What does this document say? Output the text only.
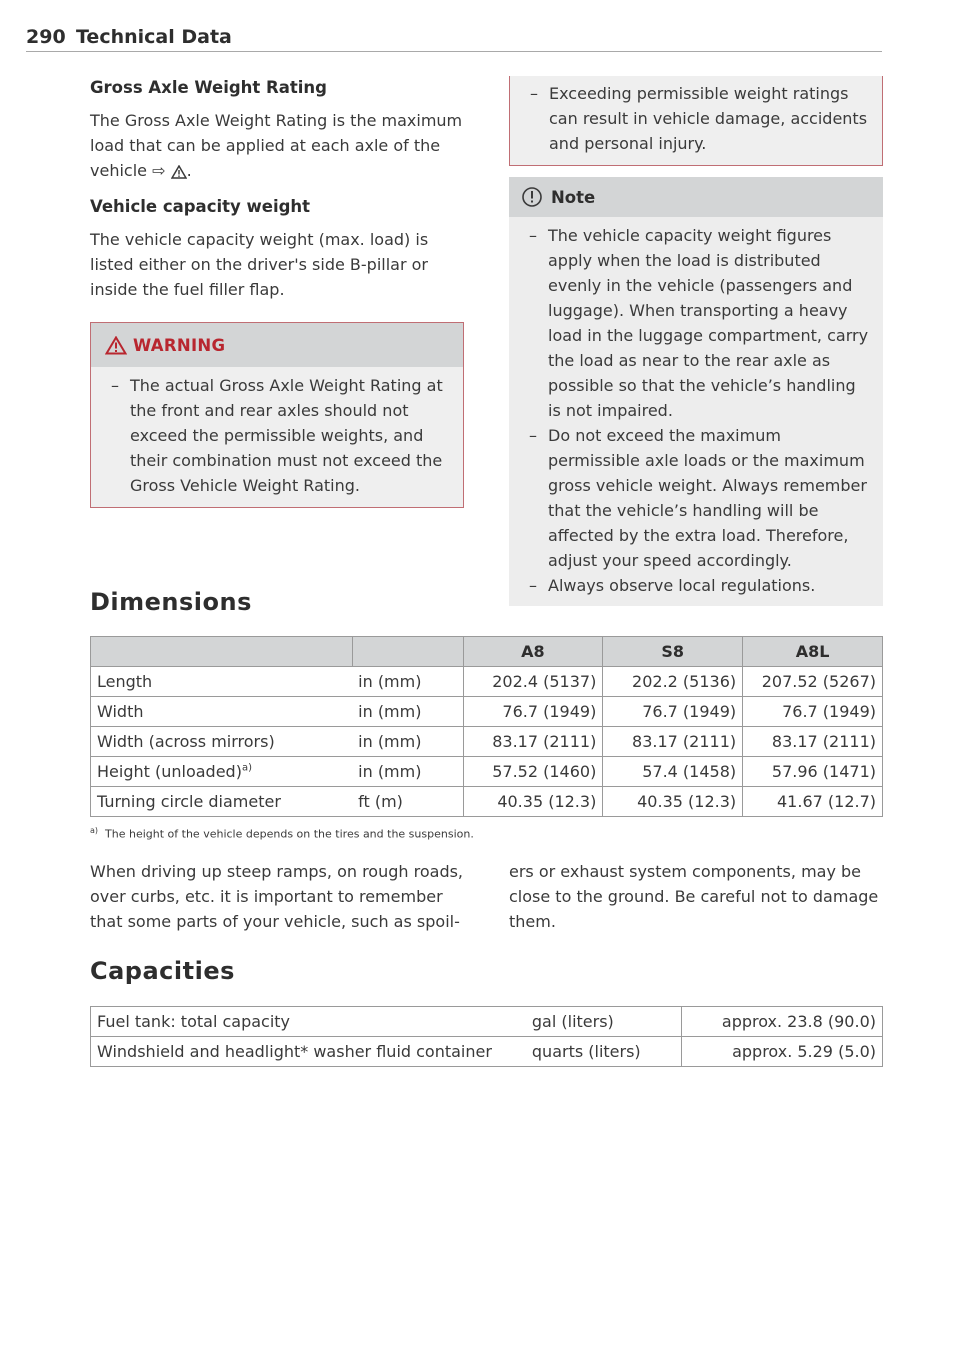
290 Technical Data
Gross Axle Weight Rating
The Gross Axle Weight Rating is the maximum load that can be applied at each axle of the vehicle ⇨ .
Vehicle capacity weight
The vehicle capacity weight (max. load) is listed either on the driver's side B-pillar or inside the fuel filler flap.
WARNING
– The actual Gross Axle Weight Rating at the front and rear axles should not exceed the permissible weights, and their combination must not exceed the Gross Vehicle Weight Rating.
– Exceeding permissible weight ratings can result in vehicle damage, accidents and personal injury.
Note
– The vehicle capacity weight figures apply when the load is distributed evenly in the vehicle (passengers and luggage). When transporting a heavy load in the luggage compartment, carry the load as near to the rear axle as possible so that the vehicle’s handling is not impaired.
– Do not exceed the maximum permissible axle loads or the maximum gross vehicle weight. Always remember that the vehicle’s handling will be affected by the extra load. Therefore, adjust your speed accordingly.
– Always observe local regulations.
Dimensions
		A8	S8	A8L
Length	in (mm)	202.4 (5137)	202.2 (5136)	207.52 (5267)
Width	in (mm)	76.7 (1949)	76.7 (1949)	76.7 (1949)
Width (across mirrors)	in (mm)	83.17 (2111)	83.17 (2111)	83.17 (2111)
Height (unloaded)$^{a)}$	in (mm)	57.52 (1460)	57.4 (1458)	57.96 (1471)
Turning circle diameter	ft (m)	40.35 (12.3)	40.35 (12.3)	41.67 (12.7)
$^{a)}$ The height of the vehicle depends on the tires and the suspension.
When driving up steep ramps, on rough roads, over curbs, etc. it is important to remember that some parts of your vehicle, such as spoil-
ers or exhaust system components, may be close to the ground. Be careful not to damage them.
Capacities
Fuel tank: total capacity	gal (liters)	approx. 23.8 (90.0)
Windshield and headlight* washer fluid container	quarts (liters)	approx. 5.29 (5.0)
